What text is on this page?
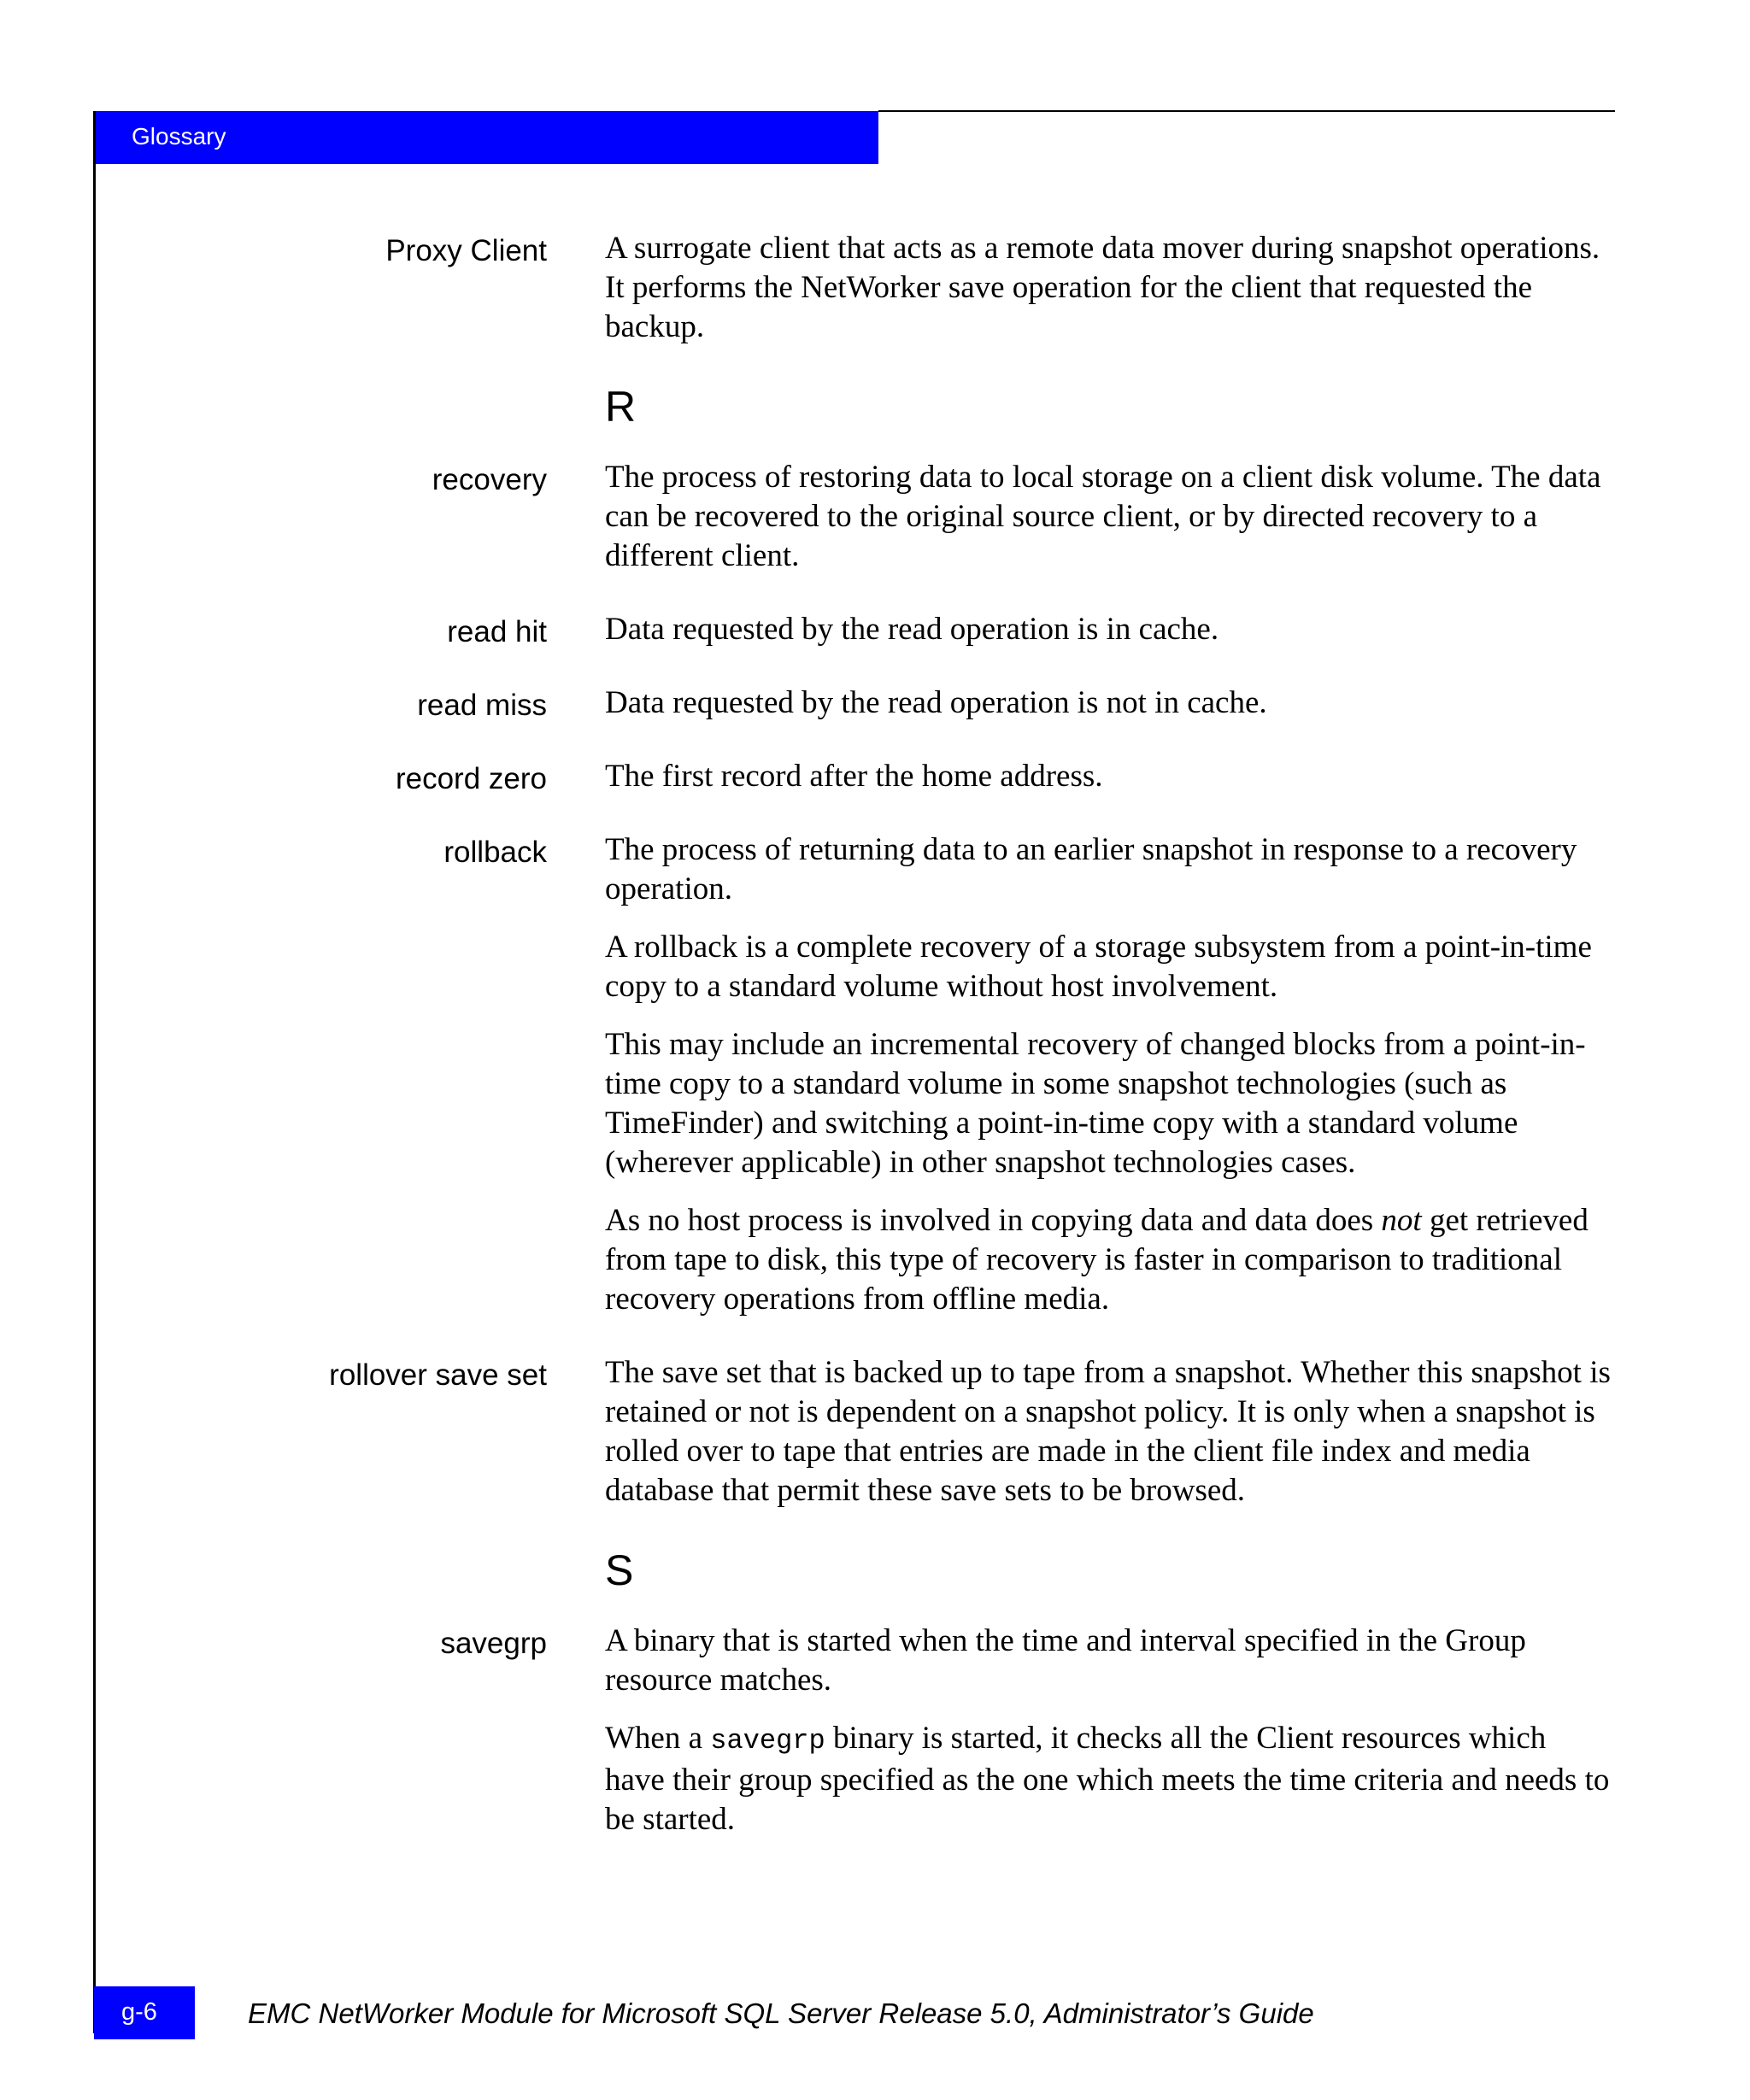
Glossary
Proxy Client A surrogate client that acts as a remote data mover during snapshot operations. It performs the NetWorker save operation for the client that requested the backup.

R
recovery The process of restoring data to local storage on a client disk volume. The data can be recovered to the original source client, or by directed recovery to a different client.

read hit Data requested by the read operation is in cache.

read miss Data requested by the read operation is not in cache.

record zero The first record after the home address.

rollback The process of returning data to an earlier snapshot in response to a recovery operation.

A rollback is a complete recovery of a storage subsystem from a point-in-time copy to a standard volume without host involvement.

This may include an incremental recovery of changed blocks from a point-in-time copy to a standard volume in some snapshot technologies (such as TimeFinder) and switching a point-in-time copy with a standard volume (wherever applicable) in other snapshot technologies cases.

As no host process is involved in copying data and data does not get retrieved from tape to disk, this type of recovery is faster in comparison to traditional recovery operations from offline media.

rollover save set The save set that is backed up to tape from a snapshot. Whether this snapshot is retained or not is dependent on a snapshot policy. It is only when a snapshot is rolled over to tape that entries are made in the client file index and media database that permit these save sets to be browsed.

S
savegrp A binary that is started when the time and interval specified in the Group resource matches.

When a savegrp binary is started, it checks all the Client resources which have their group specified as the one which meets the time criteria and needs to be started.

g-6	EMC NetWorker Module for Microsoft SQL Server Release 5.0, Administrator’s Guide
